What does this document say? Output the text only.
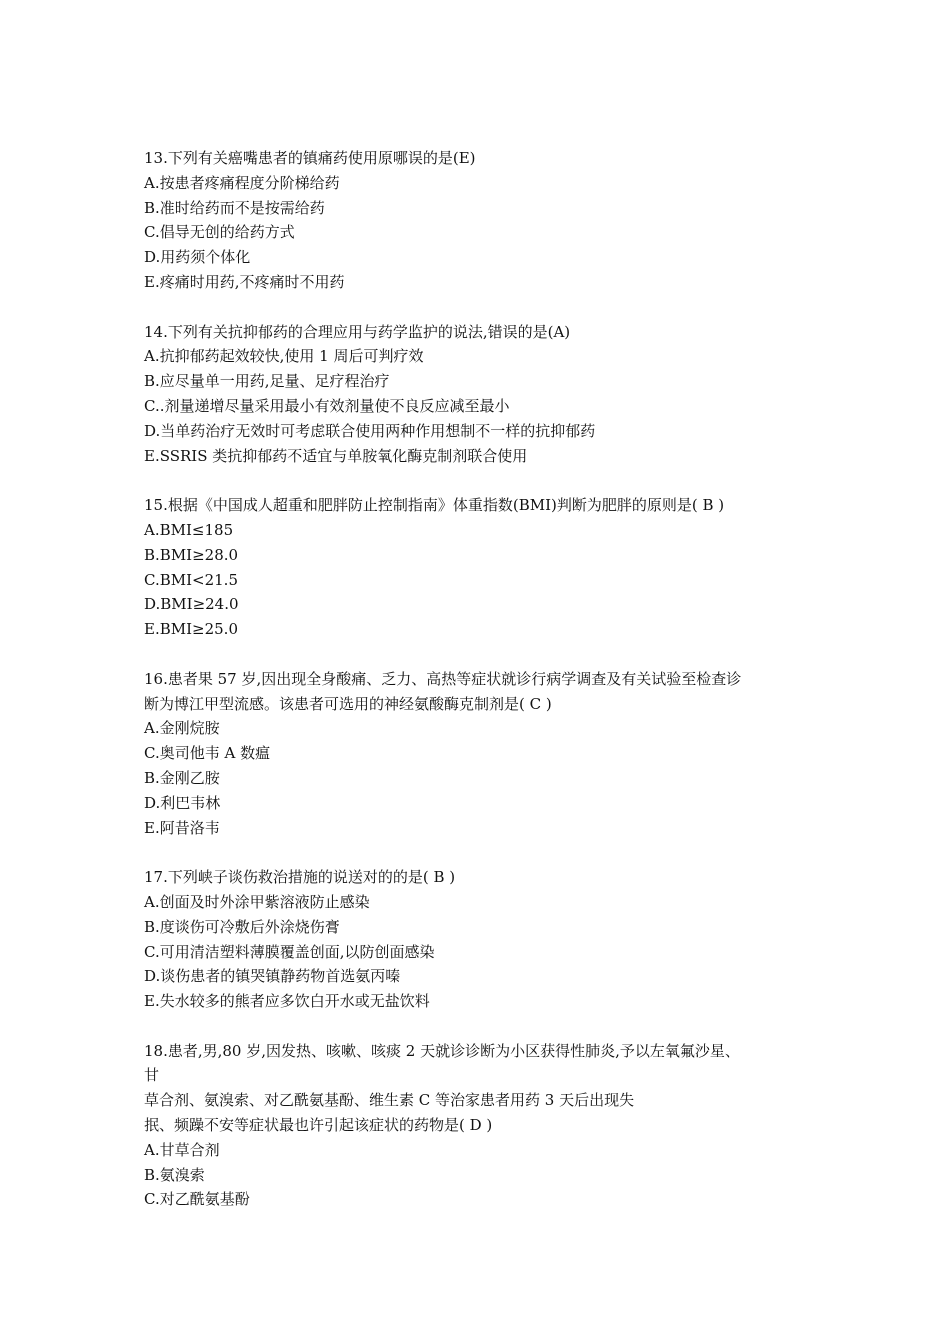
13.下列有关癌嘴患者的镇痛药使用原哪误的是(E)
A.按患者疼痛程度分阶梯给药
B.准时给药而不是按需给药
C.倡导无创的给药方式
D.用药须个体化
E.疼痛时用药,不疼痛时不用药
14.下列有关抗抑郁药的合理应用与药学监护的说法,错误的是(A)
A.抗抑郁药起效较快,使用 1 周后可判疗效
B.应尽量单一用药,足量、足疗程治疗
C..剂量递增尽量采用最小有效剂量使不良反应减至最小
D.当单药治疗无效时可考虑联合使用两种作用想制不一样的抗抑郁药
E.SSRIS 类抗抑郁药不适宜与单胺氧化酶克制剂联合使用
15.根据《中国成人超重和肥胖防止控制指南》体重指数(BMI)判断为肥胖的原则是( B )
A.BMI≤185
B.BMI≥28.0
C.BMI<21.5
D.BMI≥24.0
E.BMI≥25.0
16.患者果 57 岁,因出现全身酸痛、乏力、高热等症状就诊行病学调查及有关试验至检查诊
断为博江甲型流感。该患者可选用的神经氨酸酶克制剂是( C )
A.金刚烷胺
C.奥司他韦 A 数瘟
B.金刚乙胺
D.利巴韦林
E.阿昔洛韦
17.下列峡子谈伤救治措施的说送对的的是( B )
A.创面及时外涂甲紫溶液防止感染
B.度谈伤可冷敷后外涂烧伤膏
C.可用清洁塑料薄膜覆盖创面,以防创面感染
D.谈伤患者的镇哭镇静药物首选氨丙嗪
E.失水较多的熊者应多饮白开水或无盐饮料
18.患者,男,80 岁,因发热、咳嗽、咳痰 2 天就诊诊断为小区获得性肺炎,予以左氧氟沙星、
甘
草合剂、氨溴索、对乙酰氨基酚、维生素 C 等治家患者用药 3 天后出现失
抿、频躁不安等症状最也许引起该症状的药物是( D )
A.甘草合剂
B.氨溴索
C.对乙酰氨基酚
